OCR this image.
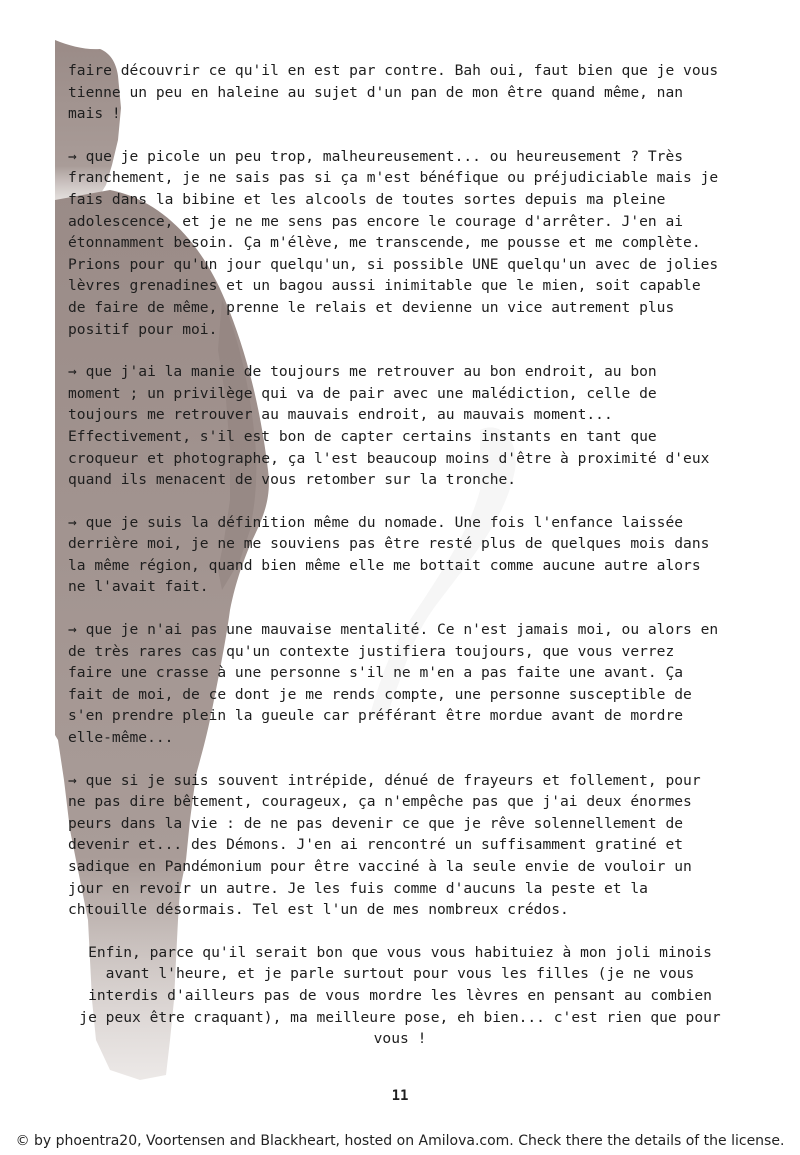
faire découvrir ce qu'il en est par contre. Bah oui, faut bien que je vous
tienne un peu en haleine au sujet d'un pan de mon être quand même, nan
mais !

→ que je picole un peu trop, malheureusement... ou heureusement ? Très
franchement, je ne sais pas si ça m'est bénéfique ou préjudiciable mais je
fais dans la bibine et les alcools de toutes sortes depuis ma pleine
adolescence, et je ne me sens pas encore le courage d'arrêter. J'en ai
étonnamment besoin. Ça m'élève, me transcende, me pousse et me complète.
Prions pour qu'un jour quelqu'un, si possible UNE quelqu'un avec de jolies
lèvres grenadines et un bagou aussi inimitable que le mien, soit capable
de faire de même, prenne le relais et devienne un vice autrement plus
positif pour moi.

→ que j'ai la manie de toujours me retrouver au bon endroit, au bon
moment ; un privilège qui va de pair avec une malédiction, celle de
toujours me retrouver au mauvais endroit, au mauvais moment...
Effectivement, s'il est bon de capter certains instants en tant que
croqueur et photographe, ça l'est beaucoup moins d'être à proximité d'eux
quand ils menacent de vous retomber sur la tronche.

→ que je suis la définition même du nomade. Une fois l'enfance laissée
derrière moi, je ne me souviens pas être resté plus de quelques mois dans
la même région, quand bien même elle me bottait comme aucune autre alors
ne l'avait fait.

→ que je n'ai pas une mauvaise mentalité. Ce n'est jamais moi, ou alors en
de très rares cas qu'un contexte justifiera toujours, que vous verrez
faire une crasse à une personne s'il ne m'en a pas faite une avant. Ça
fait de moi, de ce dont je me rends compte, une personne susceptible de
s'en prendre plein la gueule car préférant être mordue avant de mordre
elle-même...

→ que si je suis souvent intrépide, dénué de frayeurs et follement, pour
ne pas dire bêtement, courageux, ça n'empêche pas que j'ai deux énormes
peurs dans la vie : de ne pas devenir ce que je rêve solennellement de
devenir et... des Démons. J'en ai rencontré un suffisamment gratiné et
sadique en Pandémonium pour être vacciné à la seule envie de vouloir un
jour en revoir un autre. Je les fuis comme d'aucuns la peste et la
chtouille désormais. Tel est l'un de mes nombreux crédos.

Enfin, parce qu'il serait bon que vous vous habituiez à mon joli minois
avant l'heure, et je parle surtout pour vous les filles (je ne vous
interdis d'ailleurs pas de vous mordre les lèvres en pensant au combien
je peux être craquant), ma meilleure pose, eh bien... c'est rien que pour
vous !

11
© by phoentra20, Voortensen and Blackheart, hosted on Amilova.com. Check there the details of the license.
